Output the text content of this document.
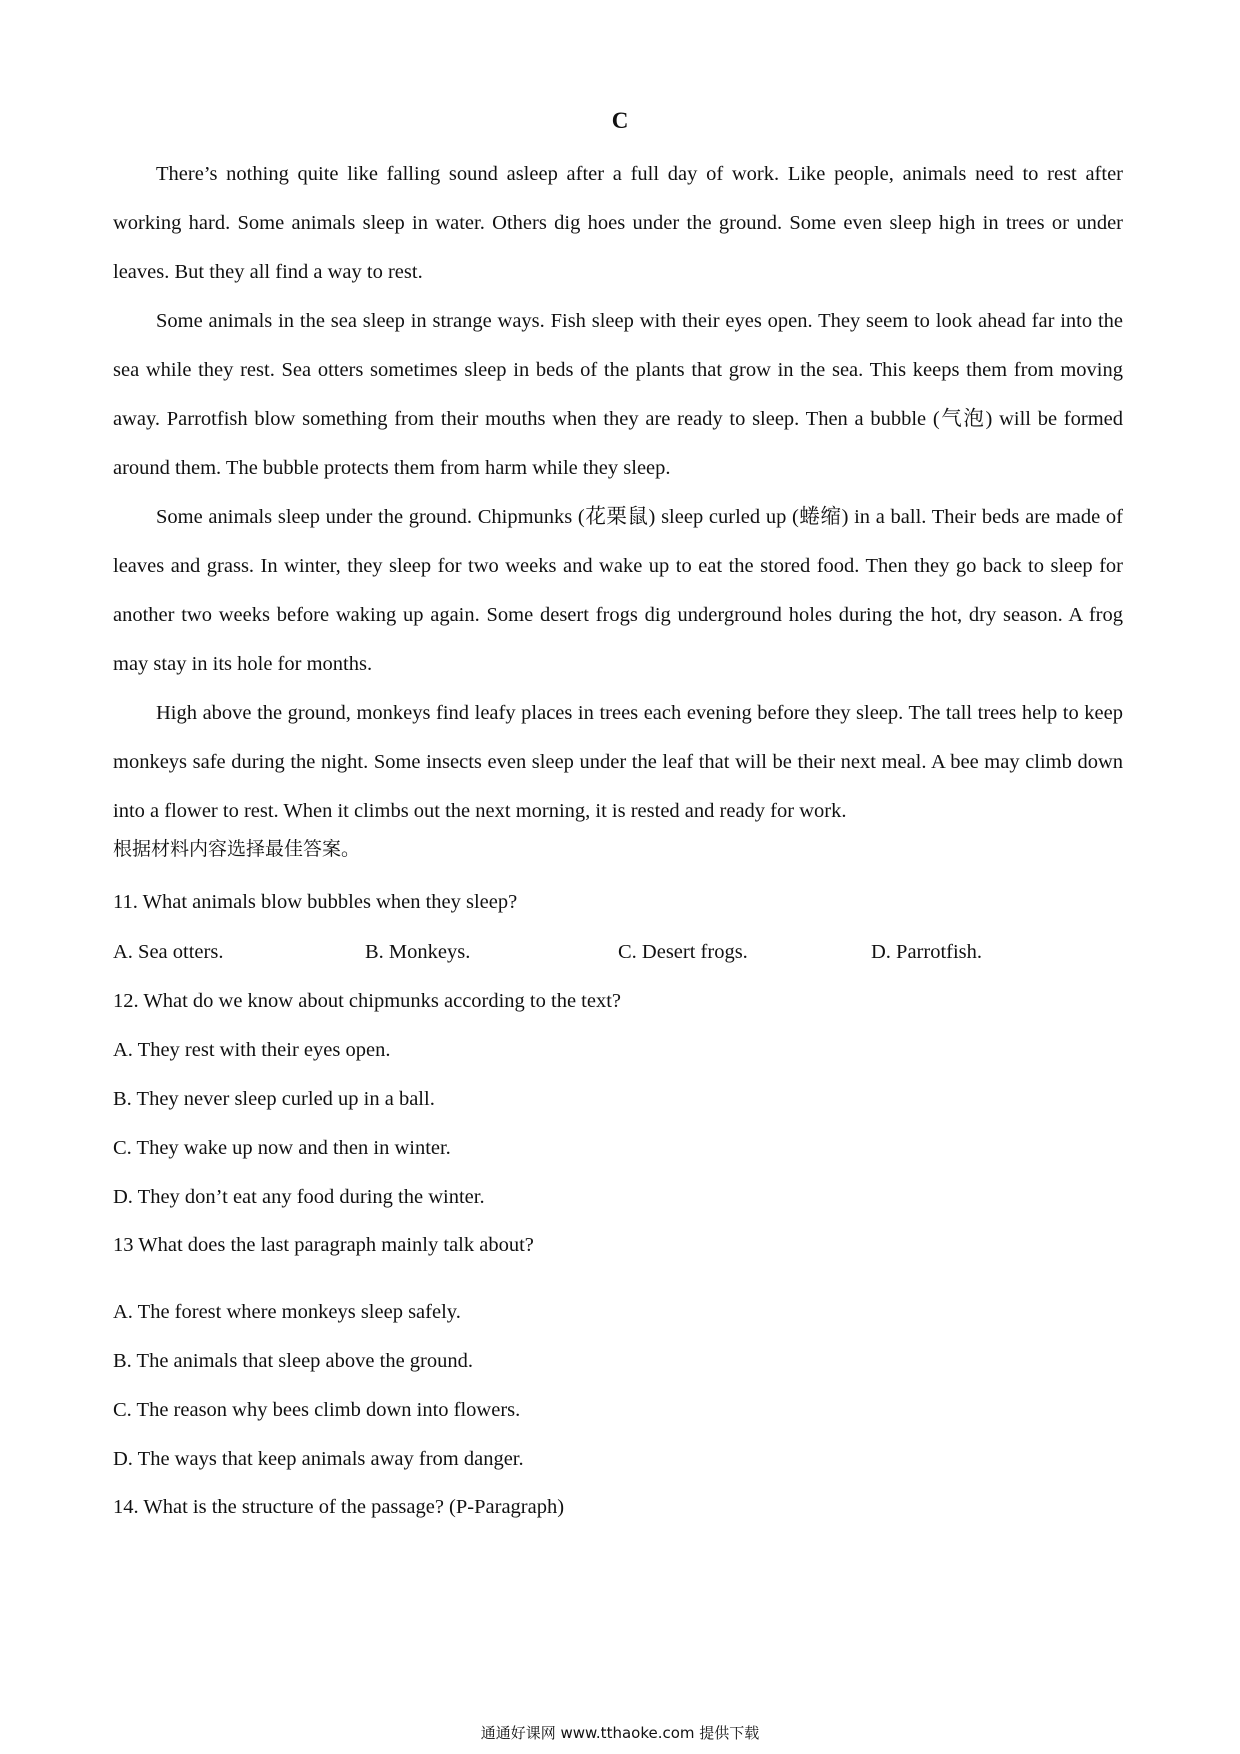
C

There’s nothing quite like falling sound asleep after a full day of work. Like people, animals need to rest after working hard. Some animals sleep in water. Others dig hoes under the ground. Some even sleep high in trees or under leaves. But they all find a way to rest.

Some animals in the sea sleep in strange ways. Fish sleep with their eyes open. They seem to look ahead far into the sea while they rest. Sea otters sometimes sleep in beds of the plants that grow in the sea. This keeps them from moving away. Parrotfish blow something from their mouths when they are ready to sleep. Then a bubble (气泡) will be formed around them. The bubble protects them from harm while they sleep.

Some animals sleep under the ground. Chipmunks (花栗鼠) sleep curled up (蜷缩) in a ball. Their beds are made of leaves and grass. In winter, they sleep for two weeks and wake up to eat the stored food. Then they go back to sleep for another two weeks before waking up again. Some desert frogs dig underground holes during the hot, dry season. A frog may stay in its hole for months.

High above the ground, monkeys find leafy places in trees each evening before they sleep. The tall trees help to keep monkeys safe during the night. Some insects even sleep under the leaf that will be their next meal. A bee may climb down into a flower to rest. When it climbs out the next morning, it is rested and ready for work.

根据材料内容选择最佳答案。
11. What animals blow bubbles when they sleep?
A. Sea otters.	B. Monkeys.	C. Desert frogs.	D. Parrotfish.
12. What do we know about chipmunks according to the text?
A. They rest with their eyes open.
B. They never sleep curled up in a ball.
C. They wake up now and then in winter.
D. They don’t eat any food during the winter.
13 What does the last paragraph mainly talk about?
A. The forest where monkeys sleep safely.
B. The animals that sleep above the ground.
C. The reason why bees climb down into flowers.
D. The ways that keep animals away from danger.
14. What is the structure of the passage? (P-Paragraph)
通通好课网 www.tthaoke.com 提供下载
